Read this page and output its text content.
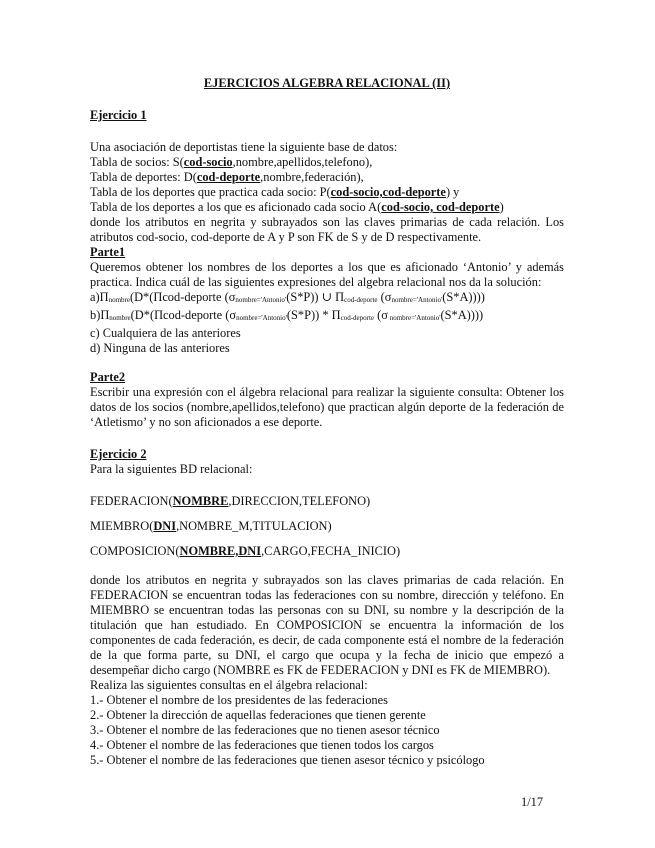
EJERCICIOS ALGEBRA RELACIONAL (II)

Ejercicio 1

Una asociación de deportistas tiene la siguiente base de datos:

Tabla de socios: S(cod-socio,nombre,apellidos,telefono),

Tabla de deportes: D(cod-deporte,nombre,federación),

Tabla de los deportes que practica cada socio: P(cod-socio,cod-deporte) y

Tabla de los deportes a los que es aficionado cada socio A(cod-socio, cod-deporte)

donde los atributos en negrita y subrayados son las claves primarias de cada relación. Los atributos cod-socio, cod-deporte de A y P son FK de S y de D respectivamente.

Parte1

Queremos obtener los nombres de los deportes a los que es aficionado ‘Antonio’ y además practica. Indica cuál de las siguientes expresiones del algebra relacional nos da la solución:

a)Πnombre(D*(Πcod-deporte (σnombre='Antonio'(S*P)) ∪ Πcod-deporte (σnombre='Antonio'(S*A))))

b)Πnombre(D*(Πcod-deporte (σnombre='Antonio'(S*P)) * Πcod-deporte (σ nombre='Antonio'(S*A))))

c) Cualquiera de las anteriores

d) Ninguna de las anteriores

Parte2

Escribir una expresión con el álgebra relacional para realizar la siguiente consulta: Obtener los datos de los socios (nombre,apellidos,telefono) que practican algún deporte de la federación de ‘Atletismo’ y no son aficionados a ese deporte.

Ejercicio 2

Para la siguientes BD relacional:

FEDERACION(NOMBRE,DIRECCION,TELEFONO)

MIEMBRO(DNI,NOMBRE_M,TITULACION)

COMPOSICION(NOMBRE,DNI,CARGO,FECHA_INICIO)

donde los atributos en negrita y subrayados son las claves primarias de cada relación. En FEDERACION se encuentran todas las federaciones con su nombre, dirección y teléfono. En MIEMBRO se encuentran todas las personas con su DNI, su nombre y la descripción de la titulación que han estudiado. En COMPOSICION se encuentra la información de los componentes de cada federación, es decir, de cada componente está el nombre de la federación de la que forma parte, su DNI, el cargo que ocupa y la fecha de inicio que empezó a desempeñar dicho cargo (NOMBRE es FK de FEDERACION y DNI es FK de MIEMBRO).

Realiza las siguientes consultas en el álgebra relacional:

1.- Obtener el nombre de los presidentes de las federaciones

2.- Obtener la dirección de aquellas federaciones que tienen gerente

3.- Obtener el nombre de las federaciones que no tienen asesor técnico

4.- Obtener el nombre de las federaciones que tienen todos los cargos

5.- Obtener el nombre de las federaciones que tienen asesor técnico y psicólogo

1/17
